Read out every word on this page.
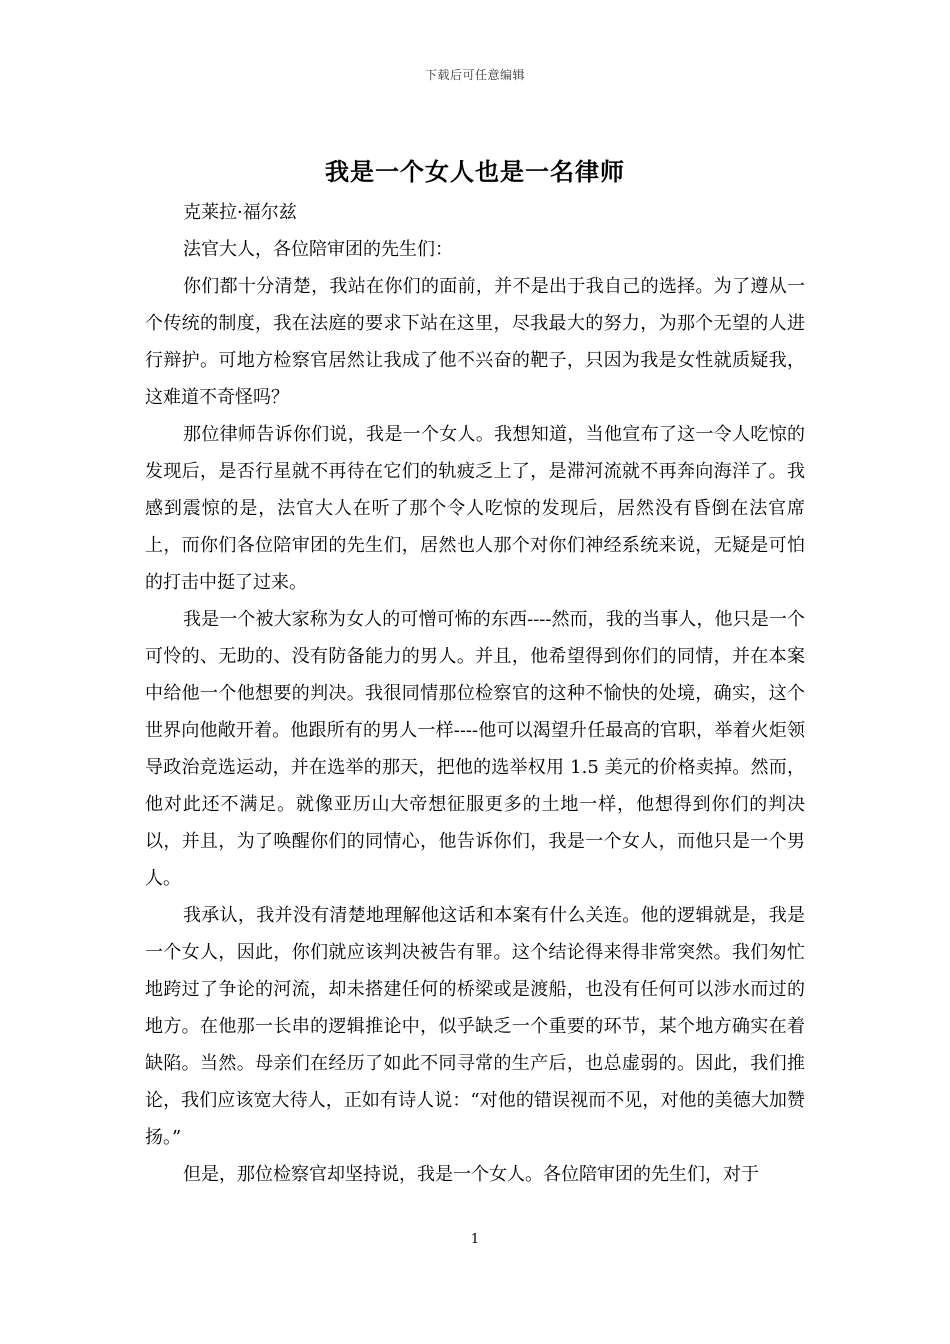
下载后可任意编辑
我是一个女人也是一名律师

克莱拉·福尔兹

法官大人，各位陪审团的先生们：

你们都十分清楚，我站在你们的面前，并不是出于我自己的选择。为了遵从一个传统的制度，我在法庭的要求下站在这里，尽我最大的努力，为那个无望的人进行辩护。可地方检察官居然让我成了他不兴奋的靶子，只因为我是女性就质疑我，这难道不奇怪吗？

那位律师告诉你们说，我是一个女人。我想知道，当他宣布了这一令人吃惊的发现后，是否行星就不再待在它们的轨疲乏上了，是滞河流就不再奔向海洋了。我感到震惊的是，法官大人在听了那个令人吃惊的发现后，居然没有昏倒在法官席上，而你们各位陪审团的先生们，居然也人那个对你们神经系统来说，无疑是可怕的打击中挺了过来。

我是一个被大家称为女人的可憎可怖的东西----然而，我的当事人，他只是一个可怜的、无助的、没有防备能力的男人。并且，他希望得到你们的同情，并在本案中给他一个他想要的判决。我很同情那位检察官的这种不愉快的处境，确实，这个世界向他敞开着。他跟所有的男人一样----他可以渴望升任最高的官职，举着火炬领导政治竞选运动，并在选举的那天，把他的选举权用 1.5 美元的价格卖掉。然而，他对此还不满足。就像亚历山大帝想征服更多的土地一样，他想得到你们的判决以，并且，为了唤醒你们的同情心，他告诉你们，我是一个女人，而他只是一个男人。

我承认，我并没有清楚地理解他这话和本案有什么关连。他的逻辑就是，我是一个女人，因此，你们就应该判决被告有罪。这个结论得来得非常突然。我们匆忙地跨过了争论的河流，却未搭建任何的桥梁或是渡船，也没有任何可以涉水而过的地方。在他那一长串的逻辑推论中，似乎缺乏一个重要的环节，某个地方确实在着缺陷。当然。母亲们在经历了如此不同寻常的生产后，也总虚弱的。因此，我们推论，我们应该宽大待人，正如有诗人说：“对他的错误视而不见，对他的美德大加赞扬。”

但是，那位检察官却坚持说，我是一个女人。各位陪审团的先生们，对于

1
